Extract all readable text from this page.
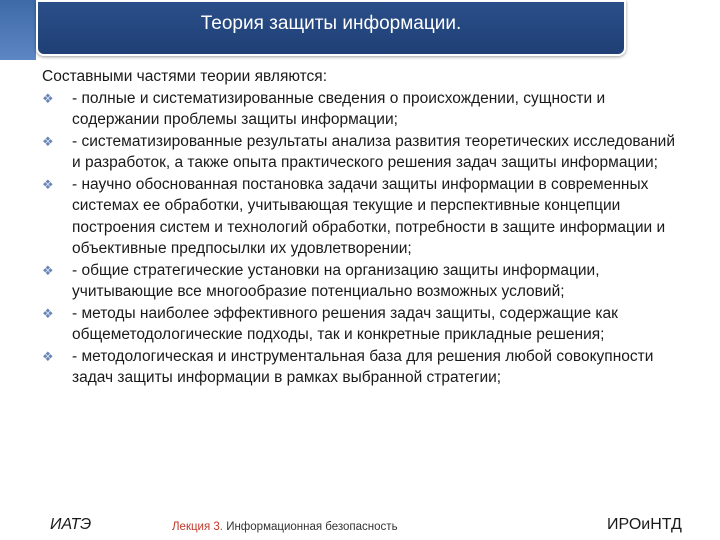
Теория защиты информации.
Составными частями теории являются:
❖	- полные и систематизированные сведения о происхождении, сущности и содержании проблемы защиты информации;
❖	- систематизированные результаты анализа развития теоретических исследований и разработок, а также опыта практического решения задач защиты информации;
❖	- научно обоснованная постановка задачи защиты информации в современных системах ее обработки, учитывающая текущие и перспективные концепции построения систем и технологий обработки, потребности в защите информации и объективные предпосылки их удовлетворении;
❖	- общие стратегические установки на организацию защиты информации, учитывающие все многообразие потенциально возможных условий;
❖	- методы наиболее эффективного решения задач защиты, содержащие как общеметодологические подходы, так и конкретные прикладные решения;
❖	- методологическая и инструментальная база для решения любой совокупности задач защиты информации в рамках выбранной стратегии;
ИАТЭ	Лекция 3. Информационная безопасность	ИРОиНТД
